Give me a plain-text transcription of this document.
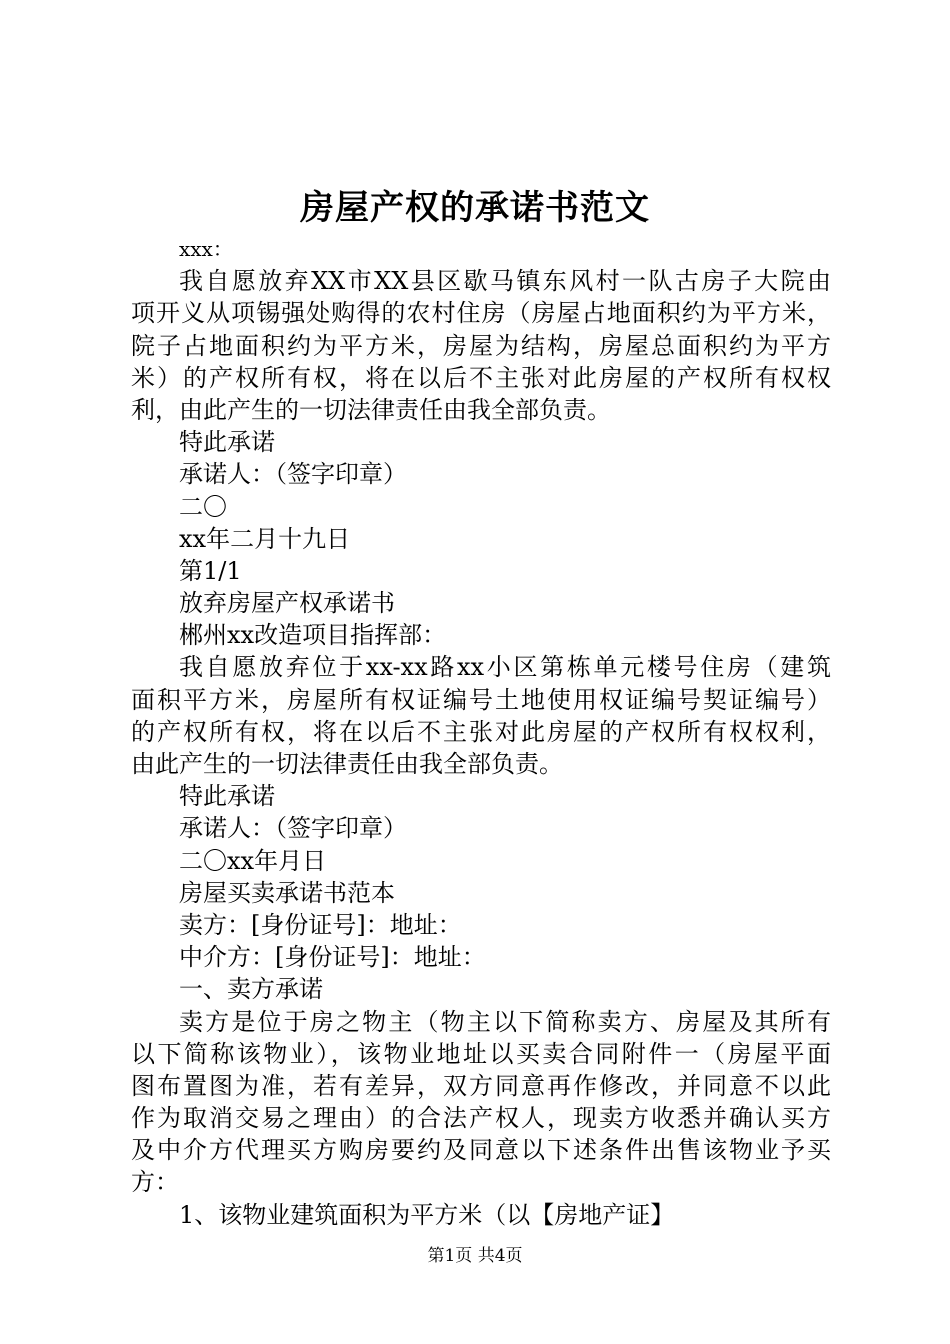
房屋产权的承诺书范文
xxx：
我自愿放弃XX市XX县区歇马镇东风村一队古房子大院由
项开义从项锡强处购得的农村住房（房屋占地面积约为平方米，
院子占地面积约为平方米，房屋为结构，房屋总面积约为平方
米）的产权所有权，将在以后不主张对此房屋的产权所有权权
利，由此产生的一切法律责任由我全部负责。
特此承诺
承诺人：（签字印章）
二〇
xx年二月十九日
第1/1
放弃房屋产权承诺书
郴州xx改造项目指挥部：
我自愿放弃位于xx-xx路xx小区第栋单元楼号住房（建筑
面积平方米，房屋所有权证编号土地使用权证编号契证编号）
的产权所有权，将在以后不主张对此房屋的产权所有权权利，
由此产生的一切法律责任由我全部负责。
特此承诺
承诺人：（签字印章）
二〇xx年月日
房屋买卖承诺书范本
卖方：[身份证号]：地址：
中介方：[身份证号]：地址：
一、卖方承诺
卖方是位于房之物主（物主以下简称卖方、房屋及其所有
以下简称该物业），该物业地址以买卖合同附件一（房屋平面
图布置图为准，若有差异，双方同意再作修改，并同意不以此
作为取消交易之理由）的合法产权人，现卖方收悉并确认买方
及中介方代理买方购房要约及同意以下述条件出售该物业予买
方：
1、该物业建筑面积为平方米（以【房地产证】
第1页 共4页
